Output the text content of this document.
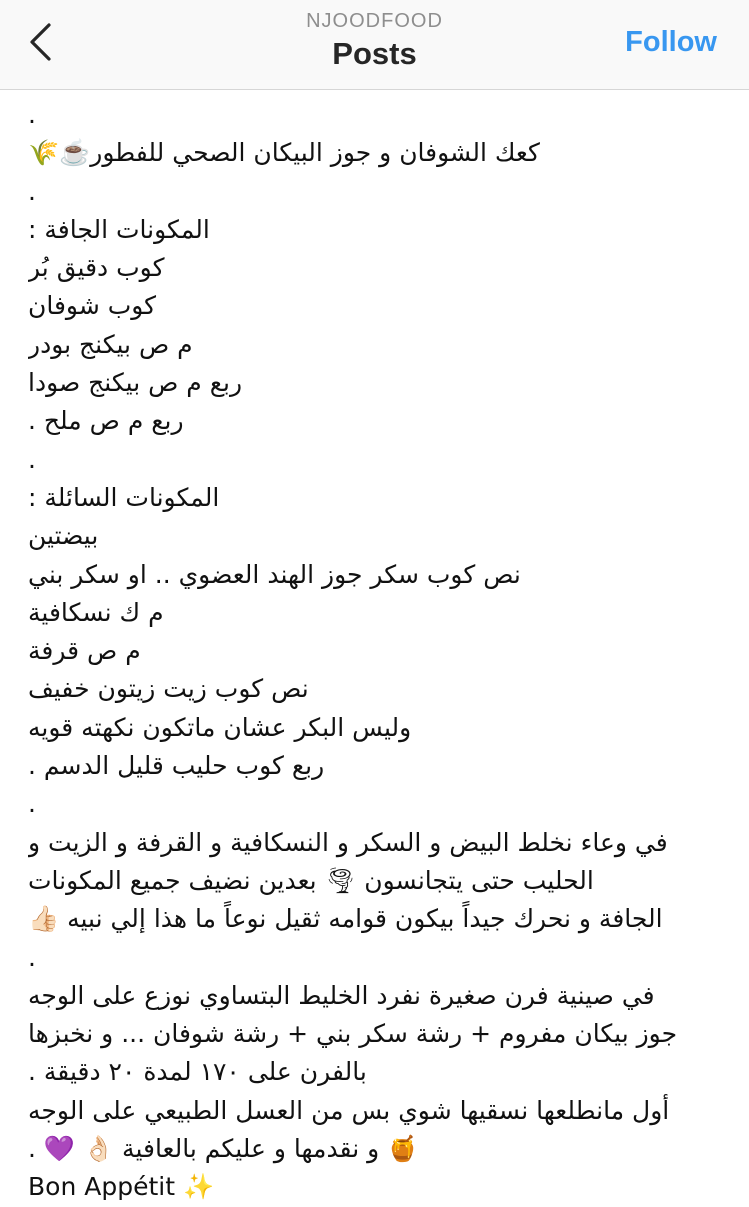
NJOODFOOD
Posts	Follow
.
كعك الشوفان و جوز البيكان الصحي للفطور☕️🌾
.
المكونات الجافة :
كوب دقيق بُر
كوب شوفان
م ص بيكنج بودر
ربع م ص بيكنج صودا
ربع م ص ملح .
.
المكونات السائلة :
بيضتين
نص كوب سكر جوز الهند العضوي .. او سكر بني
م ك نسكافية
م ص قرفة
نص كوب زيت زيتون خفيف
وليس البكر عشان ماتكون نكهته قويه
ربع كوب حليب قليل الدسم .
.
في وعاء نخلط البيض و السكر و النسكافية و القرفة و الزيت و
الحليب حتى يتجانسون 🌪 بعدين نضيف جميع المكونات
الجافة و نحرك جيداً بيكون قوامه ثقيل نوعاً ما هذا إلي نبيه 👍🏻
.
في صينية فرن صغيرة نفرد الخليط البتساوي نوزع على الوجه
جوز بيكان مفروم + رشة سكر بني + رشة شوفان ... و نخبزها
بالفرن على ١٧٠ لمدة ٢٠ دقيقة .
أول مانطلعها نسقيها شوي بس من العسل الطبيعي على الوجه
🍯 و نقدمها و عليكم بالعافية 👌🏻 💜 .
Bon Appétit ✨
